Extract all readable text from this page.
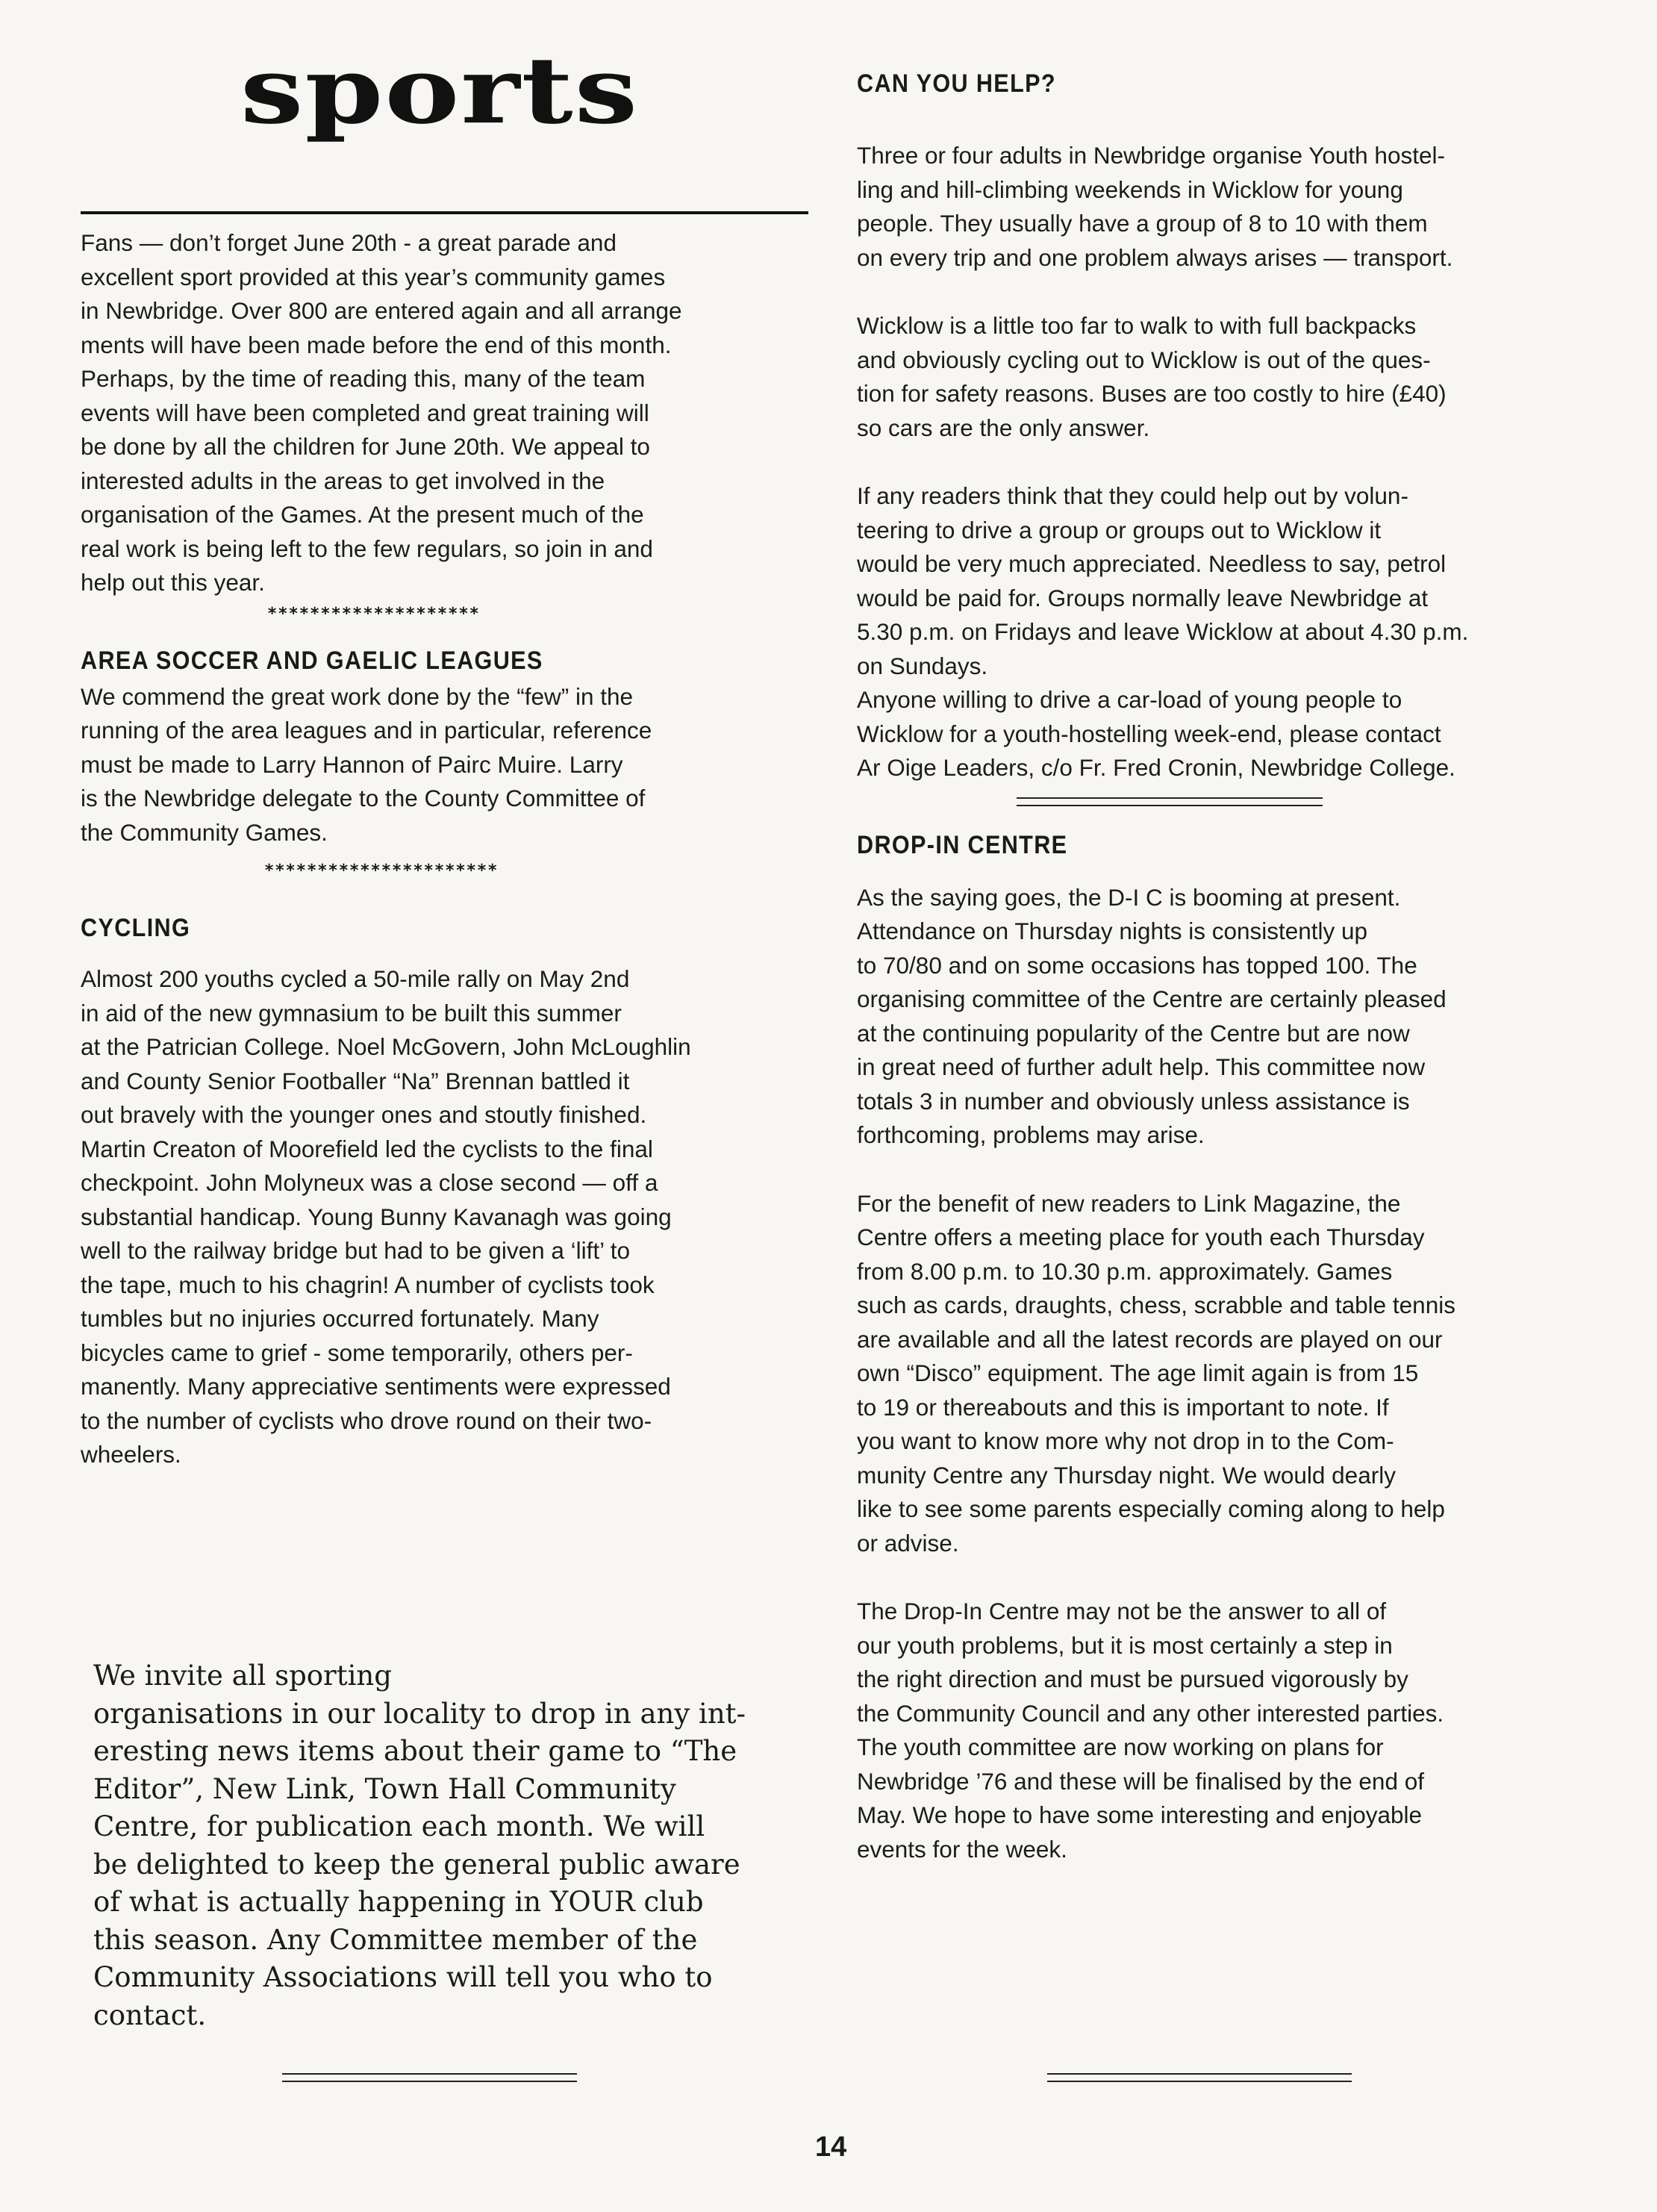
sports

Fans — don’t forget June 20th - a great parade and
excellent sport provided at this year’s community games
in Newbridge. Over 800 are entered again and all arrange
ments will have been made before the end of this month.
Perhaps, by the time of reading this, many of the team
events will have been completed and great training will
be done by all the children for June 20th. We appeal to
interested adults in the areas to get involved in the
organisation of the Games. At the present much of the
real work is being left to the few regulars, so join in and
help out this year.

********************

AREA SOCCER AND GAELIC LEAGUES

We commend the great work done by the “few” in the
running of the area leagues and in particular, reference
must be made to Larry Hannon of Pairc Muire. Larry
is the Newbridge delegate to the County Committee of
the Community Games.

**********************

CYCLING

Almost 200 youths cycled a 50-mile rally on May 2nd
in aid of the new gymnasium to be built this summer
at the Patrician College. Noel McGovern, John McLoughlin
and County Senior Footballer “Na” Brennan battled it
out bravely with the younger ones and stoutly finished.
Martin Creaton of Moorefield led the cyclists to the final
checkpoint. John Molyneux was a close second — off a
substantial handicap. Young Bunny Kavanagh was going
well to the railway bridge but had to be given a ‘lift’ to
the tape, much to his chagrin! A number of cyclists took
tumbles but no injuries occurred fortunately. Many
bicycles came to grief - some temporarily, others per-
manently. Many appreciative sentiments were expressed
to the number of cyclists who drove round on their two-
wheelers.

We invite all sporting
organisations in our locality to drop in any int-
eresting news items about their game to “The
Editor”, New Link, Town Hall Community
Centre, for publication each month. We will
be delighted to keep the general public aware
of what is actually happening in YOUR club
this season. Any Committee member of the
Community Associations will tell you who to
contact.

CAN YOU HELP?

Three or four adults in Newbridge organise Youth hostel-
ling and hill-climbing weekends in Wicklow for young
people. They usually have a group of 8 to 10 with them
on every trip and one problem always arises — transport.

Wicklow is a little too far to walk to with full backpacks
and obviously cycling out to Wicklow is out of the ques-
tion for safety reasons. Buses are too costly to hire (£40)
so cars are the only answer.

If any readers think that they could help out by volun-
teering to drive a group or groups out to Wicklow it
would be very much appreciated. Needless to say, petrol
would be paid for. Groups normally leave Newbridge at
5.30 p.m. on Fridays and leave Wicklow at about 4.30 p.m.
on Sundays.
Anyone willing to drive a car-load of young people to
Wicklow for a youth-hostelling week-end, please contact
Ar Oige Leaders, c/o Fr. Fred Cronin, Newbridge College.

DROP-IN CENTRE

As the saying goes, the D-I C is booming at present.
Attendance on Thursday nights is consistently up
to 70/80 and on some occasions has topped 100. The
organising committee of the Centre are certainly pleased
at the continuing popularity of the Centre but are now
in great need of further adult help. This committee now
totals 3 in number and obviously unless assistance is
forthcoming, problems may arise.

For the benefit of new readers to Link Magazine, the
Centre offers a meeting place for youth each Thursday
from 8.00 p.m. to 10.30 p.m. approximately. Games
such as cards, draughts, chess, scrabble and table tennis
are available and all the latest records are played on our
own “Disco” equipment. The age limit again is from 15
to 19 or thereabouts and this is important to note. If
you want to know more why not drop in to the Com-
munity Centre any Thursday night. We would dearly
like to see some parents especially coming along to help
or advise.

The Drop-In Centre may not be the answer to all of
our youth problems, but it is most certainly a step in
the right direction and must be pursued vigorously by
the Community Council and any other interested parties.
The youth committee are now working on plans for
Newbridge ’76 and these will be finalised by the end of
May. We hope to have some interesting and enjoyable
events for the week.

14
